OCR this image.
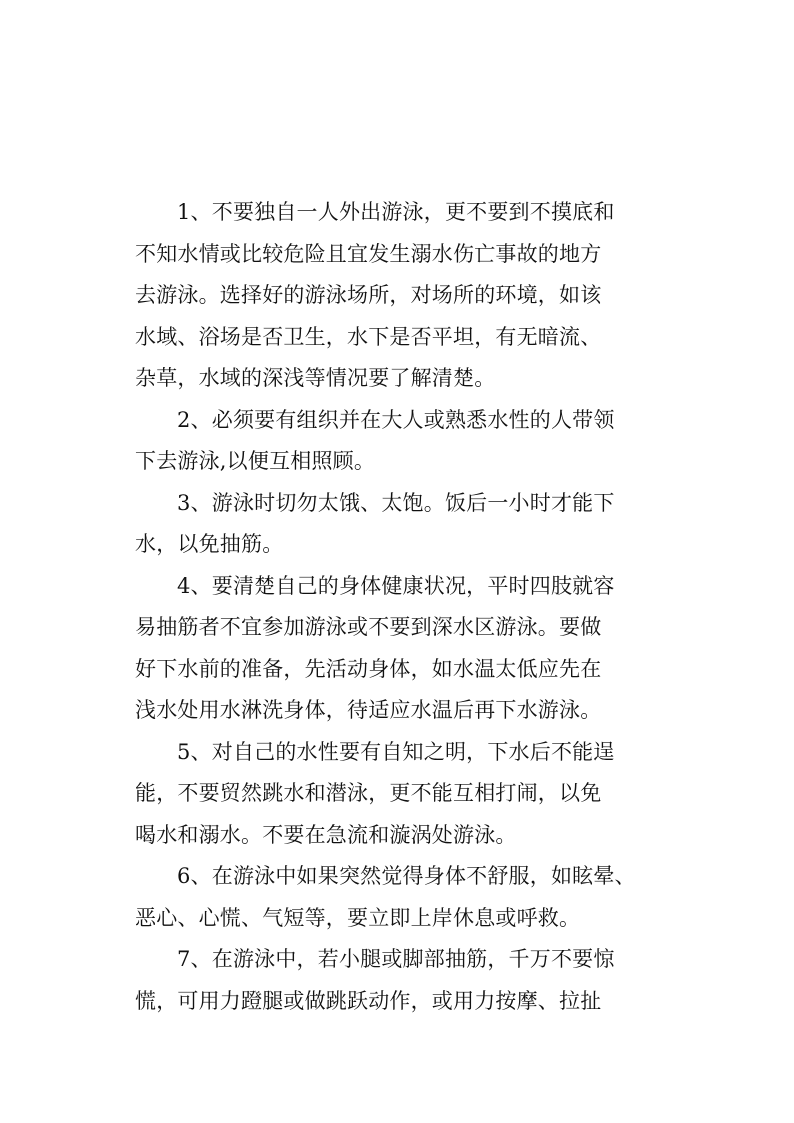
1、不要独自一人外出游泳，更不要到不摸底和
不知水情或比较危险且宜发生溺水伤亡事故的地方
去游泳。选择好的游泳场所，对场所的环境，如该
水域、浴场是否卫生，水下是否平坦，有无暗流、
杂草，水域的深浅等情况要了解清楚。
2、必须要有组织并在大人或熟悉水性的人带领
下去游泳,以便互相照顾。
3、游泳时切勿太饿、太饱。饭后一小时才能下
水，以免抽筋。
4、要清楚自己的身体健康状况，平时四肢就容
易抽筋者不宜参加游泳或不要到深水区游泳。要做
好下水前的准备，先活动身体，如水温太低应先在
浅水处用水淋洗身体，待适应水温后再下水游泳。
5、对自己的水性要有自知之明，下水后不能逞
能，不要贸然跳水和潜泳，更不能互相打闹，以免
喝水和溺水。不要在急流和漩涡处游泳。
6、在游泳中如果突然觉得身体不舒服，如眩晕、
恶心、心慌、气短等，要立即上岸休息或呼救。
7、在游泳中，若小腿或脚部抽筋，千万不要惊
慌，可用力蹬腿或做跳跃动作，或用力按摩、拉扯
